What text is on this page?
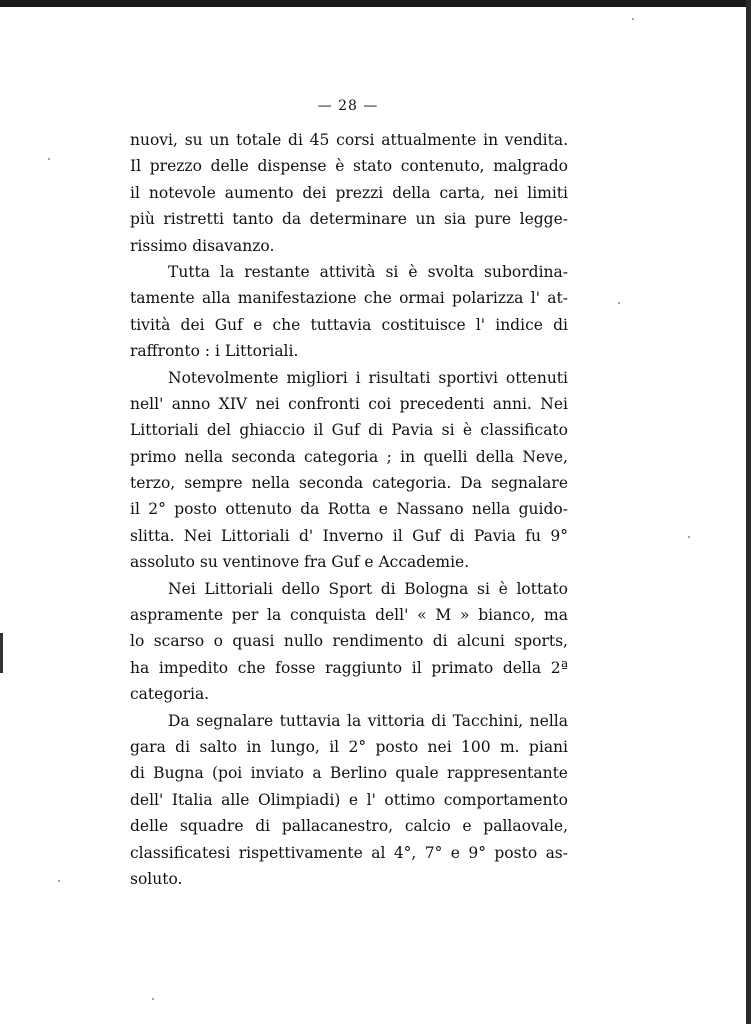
— 28 —
nuovi, su un totale di 45 corsi attualmente in vendita.
Il prezzo delle dispense è stato contenuto, malgrado
il notevole aumento dei prezzi della carta, nei limiti
più ristretti tanto da determinare un sia pure legge-
rissimo disavanzo.
Tutta la restante attività si è svolta subordina-
tamente alla manifestazione che ormai polarizza l' at-
tività dei Guf e che tuttavia costituisce l' indice di
raffronto : i Littoriali.
Notevolmente migliori i risultati sportivi ottenuti
nell' anno XIV nei confronti coi precedenti anni. Nei
Littoriali del ghiaccio il Guf di Pavia si è classificato
primo nella seconda categoria ; in quelli della Neve,
terzo, sempre nella seconda categoria. Da segnalare
il 2° posto ottenuto da Rotta e Nassano nella guido-
slitta. Nei Littoriali d' Inverno il Guf di Pavia fu 9°
assoluto su ventinove fra Guf e Accademie.
Nei Littoriali dello Sport di Bologna si è lottato
aspramente per la conquista dell' « M » bianco, ma
lo scarso o quasi nullo rendimento di alcuni sports,
ha impedito che fosse raggiunto il primato della 2ª
categoria.
Da segnalare tuttavia la vittoria di Tacchini, nella
gara di salto in lungo, il 2° posto nei 100 m. piani
di Bugna (poi inviato a Berlino quale rappresentante
dell' Italia alle Olimpiadi) e l' ottimo comportamento
delle squadre di pallacanestro, calcio e pallaovale,
classificatesi rispettivamente al 4°, 7° e 9° posto as-
soluto.
